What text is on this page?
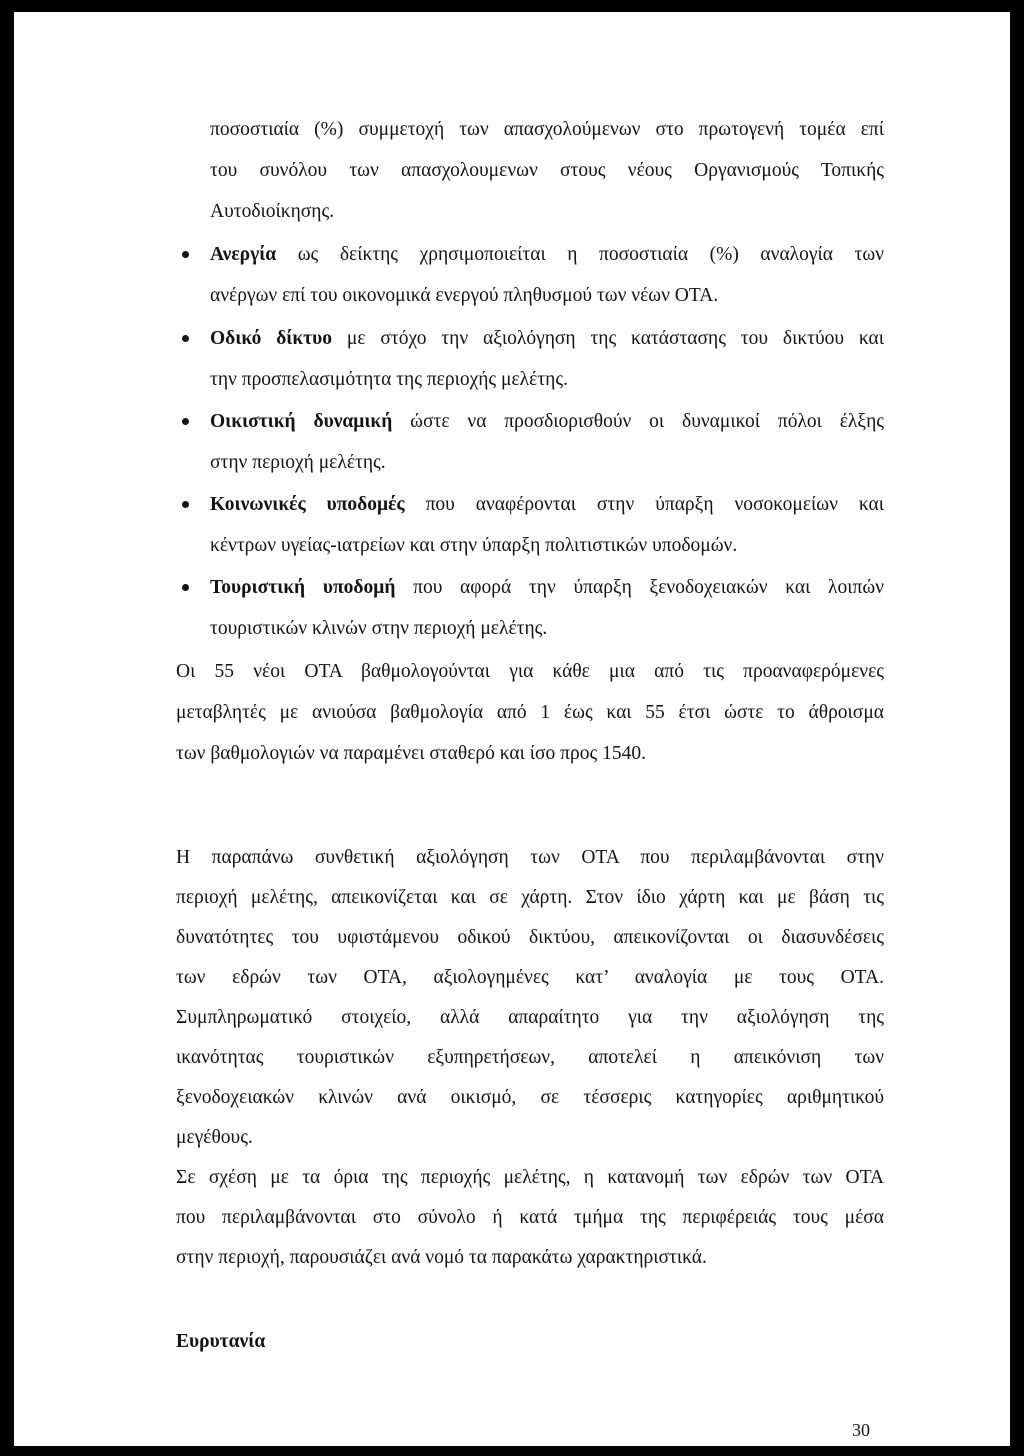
ποσοστιαία (%) συμμετοχή των απασχολούμενων στο πρωτογενή τομέα επί
του συνόλου των απασχολουμενων στους νέους Οργανισμούς Τοπικής
Αυτοδιοίκησης.
Ανεργία ως δείκτης χρησιμοποιείται η ποσοστιαία (%) αναλογία των
ανέργων επί του οικονομικά ενεργού πληθυσμού των νέων ΟΤΑ.
Οδικό δίκτυο με στόχο την αξιολόγηση της κατάστασης του δικτύου και
την προσπελασιμότητα της περιοχής μελέτης.
Οικιστική δυναμική ώστε να προσδιορισθούν οι δυναμικοί πόλοι έλξης
στην περιοχή μελέτης.
Κοινωνικές υποδομές που αναφέρονται στην ύπαρξη νοσοκομείων και
κέντρων υγείας-ιατρείων και στην ύπαρξη πολιτιστικών υποδομών.
Τουριστική υποδομή που αφορά την ύπαρξη ξενοδοχειακών και λοιπών
τουριστικών κλινών στην περιοχή μελέτης.
Οι 55 νέοι ΟΤΑ βαθμολογούνται για κάθε μια από τις προαναφερόμενες
μεταβλητές με ανιούσα βαθμολογία από 1 έως και 55 έτσι ώστε το άθροισμα
των βαθμολογιών να παραμένει σταθερό και ίσο προς 1540.
Η παραπάνω συνθετική αξιολόγηση των ΟΤΑ που περιλαμβάνονται στην
περιοχή μελέτης, απεικονίζεται και σε χάρτη. Στον ίδιο χάρτη και με βάση τις
δυνατότητες του υφιστάμενου οδικού δικτύου, απεικονίζονται οι διασυνδέσεις
των εδρών των ΟΤΑ, αξιολογημένες κατ’ αναλογία με τους ΟΤΑ.
Συμπληρωματικό στοιχείο, αλλά απαραίτητο για την αξιολόγηση της
ικανότητας τουριστικών εξυπηρετήσεων, αποτελεί η απεικόνιση των
ξενοδοχειακών κλινών ανά οικισμό, σε τέσσερις κατηγορίες αριθμητικού
μεγέθους.
Σε σχέση με τα όρια της περιοχής μελέτης, η κατανομή των εδρών των ΟΤΑ
που περιλαμβάνονται στο σύνολο ή κατά τμήμα της περιφέρειάς τους μέσα
στην περιοχή, παρουσιάζει ανά νομό τα παρακάτω χαρακτηριστικά.
Ευρυτανία
30
